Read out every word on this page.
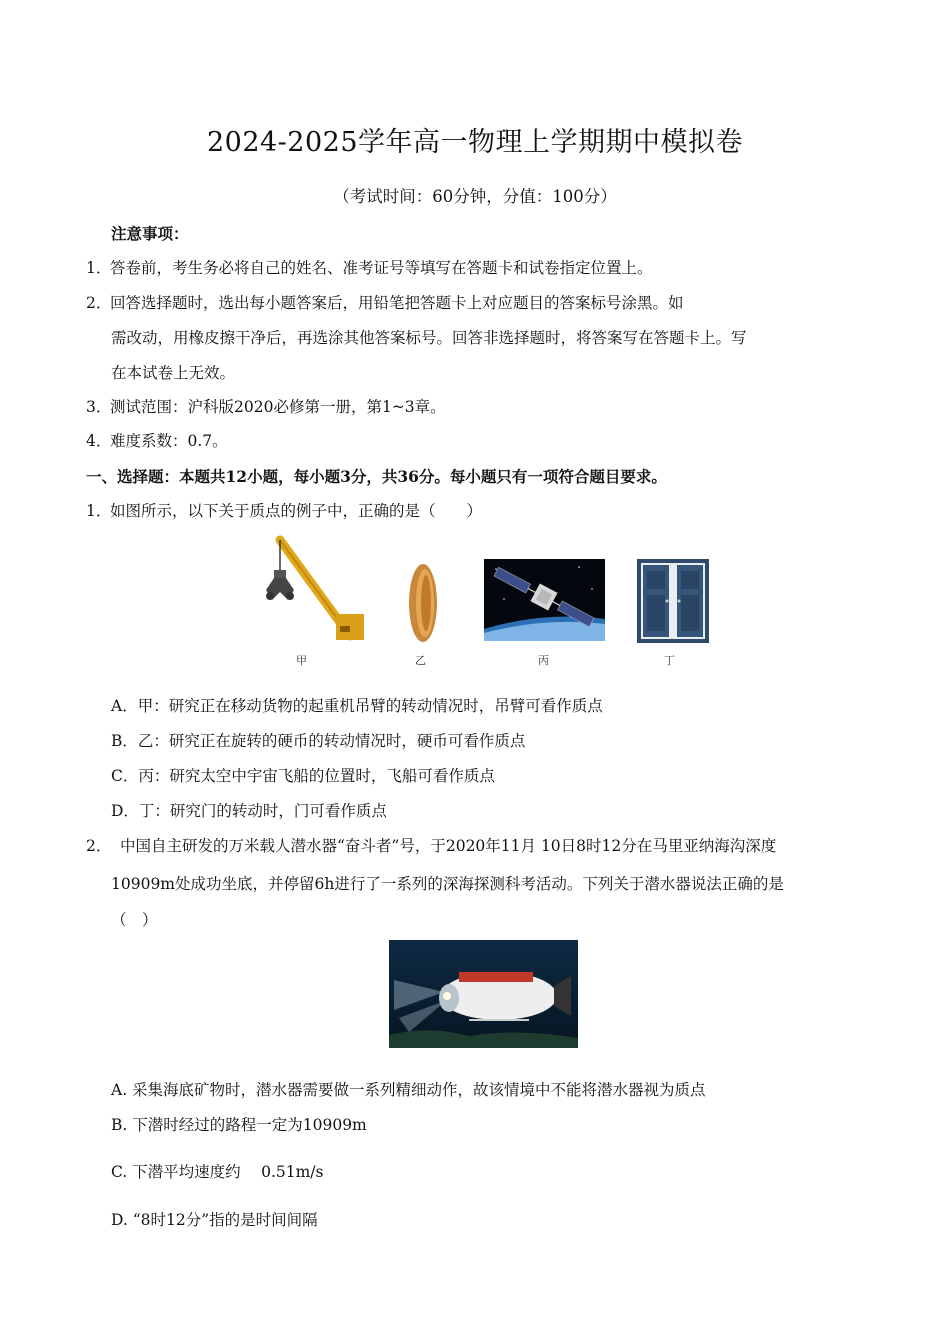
2024-2025学年高一物理上学期期中模拟卷
（考试时间：60分钟，分值：100分）
注意事项：
1．答卷前，考生务必将自己的姓名、准考证号等填写在答题卡和试卷指定位置上。
2．回答选择题时，选出每小题答案后，用铅笔把答题卡上对应题目的答案标号涂黑。如
需改动，用橡皮擦干净后，再选涂其他答案标号。回答非选择题时，将答案写在答题卡上。写
在本试卷上无效。
3．测试范围：沪科版2020必修第一册，第1~3章。
4．难度系数：0.7。
一、选择题：本题共12小题，每小题3分，共36分。每小题只有一项符合题目要求。
1．如图所示，以下关于质点的例子中，正确的是（　　）
甲	乙	丙	丁
A．甲：研究正在移动货物的起重机吊臂的转动情况时，吊臂可看作质点
B．乙：研究正在旋转的硬币的转动情况时，硬币可看作质点
C．丙：研究太空中宇宙飞船的位置时，飞船可看作质点
D．丁：研究门的转动时，门可看作质点
2． 中国自主研发的万米载人潜水器“奋斗者”号，于2020年11月 10日8时12分在马里亚纳海沟深度
10909m处成功坐底，并停留6h进行了一系列的深海探测科考活动。下列关于潜水器说法正确的是
（　）
A. 采集海底矿物时，潜水器需要做一系列精细动作，故该情境中不能将潜水器视为质点
B. 下潜时经过的路程一定为10909m
C. 下潜平均速度约　 0.51m/s
D. “8时12分”指的是时间间隔
